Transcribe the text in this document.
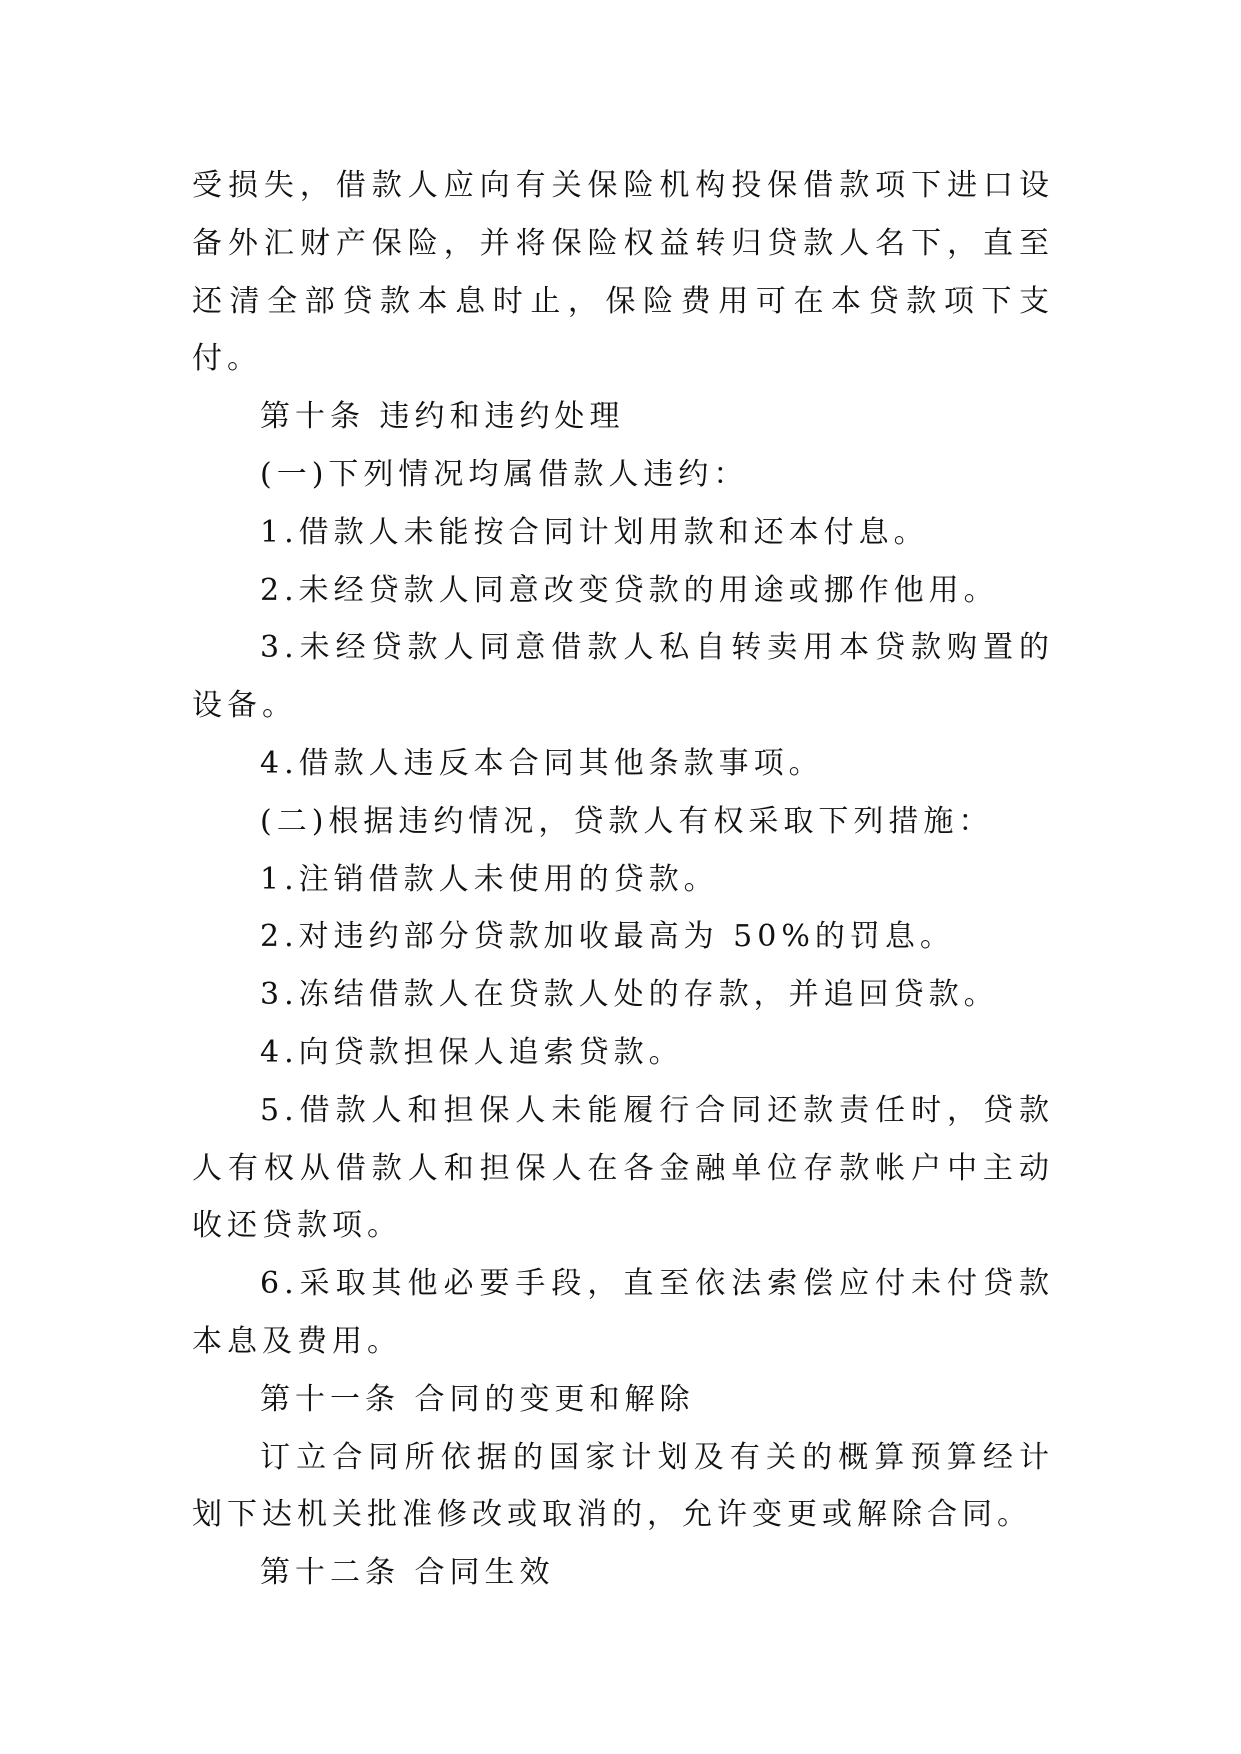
受损失，借款人应向有关保险机构投保借款项下进口设备外汇财产保险，并将保险权益转归贷款人名下，直至还清全部贷款本息时止，保险费用可在本贷款项下支付。

第十条 违约和违约处理

(一)下列情况均属借款人违约：

1.借款人未能按合同计划用款和还本付息。

2.未经贷款人同意改变贷款的用途或挪作他用。

3.未经贷款人同意借款人私自转卖用本贷款购置的设备。

4.借款人违反本合同其他条款事项。

(二)根据违约情况，贷款人有权采取下列措施：

1.注销借款人未使用的贷款。

2.对违约部分贷款加收最高为 50%的罚息。

3.冻结借款人在贷款人处的存款，并追回贷款。

4.向贷款担保人追索贷款。

5.借款人和担保人未能履行合同还款责任时，贷款人有权从借款人和担保人在各金融单位存款帐户中主动收还贷款项。

6.采取其他必要手段，直至依法索偿应付未付贷款本息及费用。

第十一条 合同的变更和解除

订立合同所依据的国家计划及有关的概算预算经计划下达机关批准修改或取消的，允许变更或解除合同。

第十二条 合同生效
